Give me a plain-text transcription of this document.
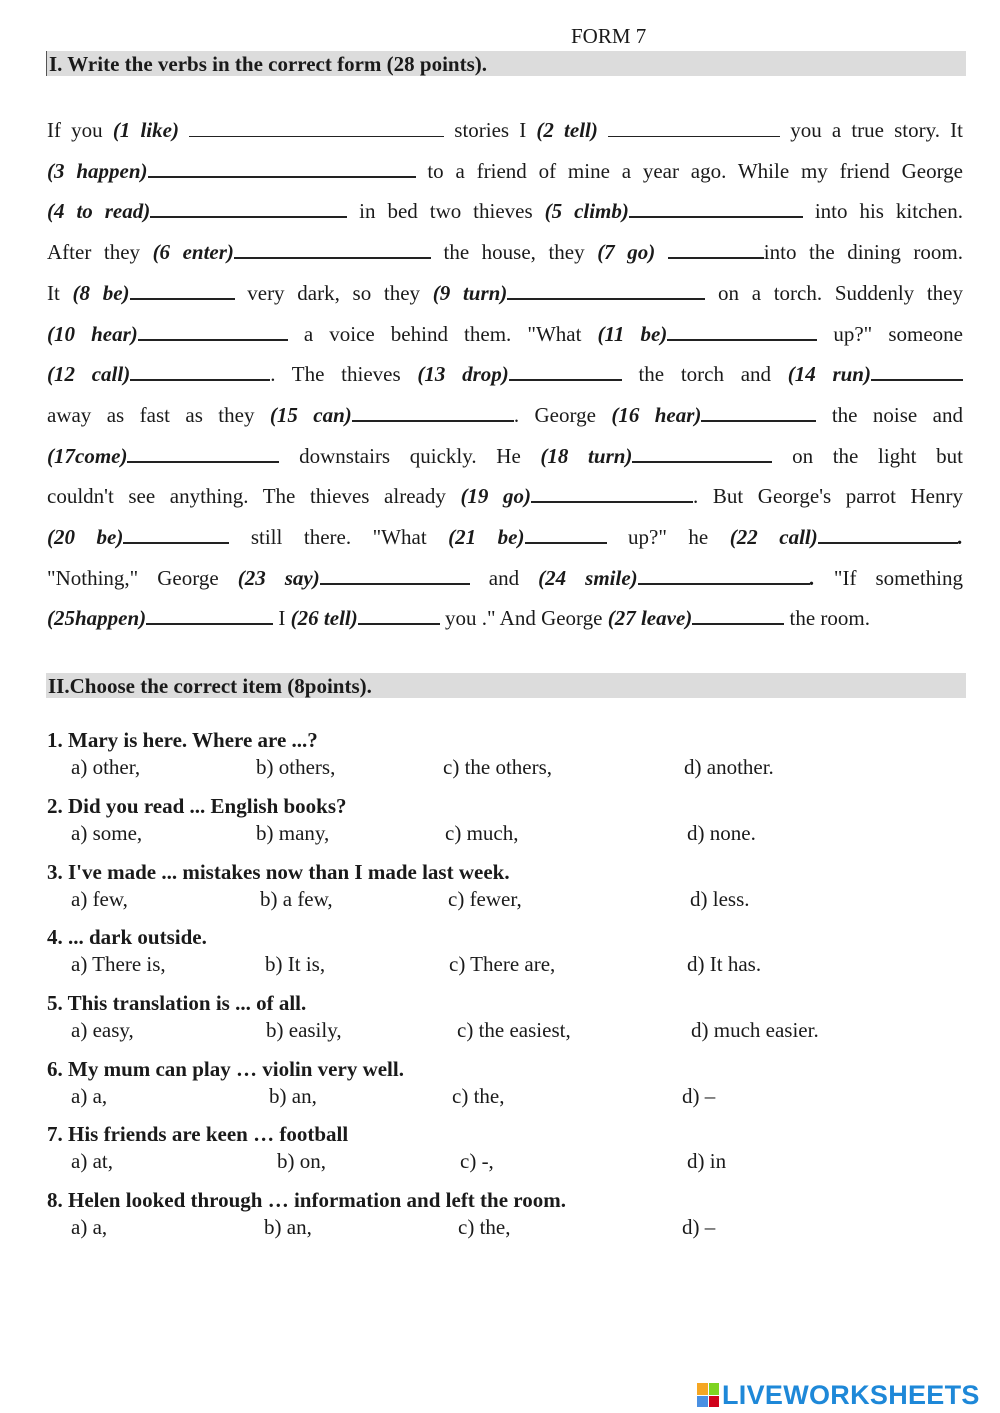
FORM 7
I. Write the verbs in the correct form (28 points).
If you (1 like)	stories I (2 tell)	you a true story. It
(3 happen)	to a friend of mine a year ago. While my friend George
(4 to read)	in bed two thieves (5 climb)	into his kitchen.
After they (6 enter)	the house, they (7 go)	into the dining room.
It (8 be)	very dark, so they (9 turn)	on a torch. Suddenly they
(10 hear)	a voice behind them. "What (11 be)	up?" someone
(12 call)	. The thieves (13 drop)	the torch and (14 run)
away as fast as they (15 can)	. George (16 hear)	the noise and
(17come)	downstairs quickly. He (18 turn)	on the light but
couldn't see anything. The thieves already (19 go)	. But George's parrot Henry
(20 be)	still there. "What (21 be)	up?" he (22 call)	.
"Nothing," George (23 say)	and (24 smile)	. "If something
(25happen)	I (26 tell)	you ." And George (27 leave)	the room.
II.Choose the correct item (8points).
1. Mary is here. Where are ...?
a) other,	b) others,	c) the others,	d) another.
2. Did you read ... English books?
a) some,	b) many,	c) much,	d) none.
3. I've made ... mistakes now than I made last week.
a) few,	b) a few,	c) fewer,	d) less.
4. ... dark outside.
a) There is,	b) It is,	c) There are,	d) It has.
5. This translation is ... of all.
a) easy,	b) easily,	c) the easiest,	d) much easier.
6. My mum can play … violin very well.
a) a,	b) an,	c) the,	d) –
7. His friends are keen … football
a) at,	b) on,	c) -,	d) in
8. Helen looked through … information and left the room.
a) a,	b) an,	c) the,	d) –
LIVEWORKSHEETS
